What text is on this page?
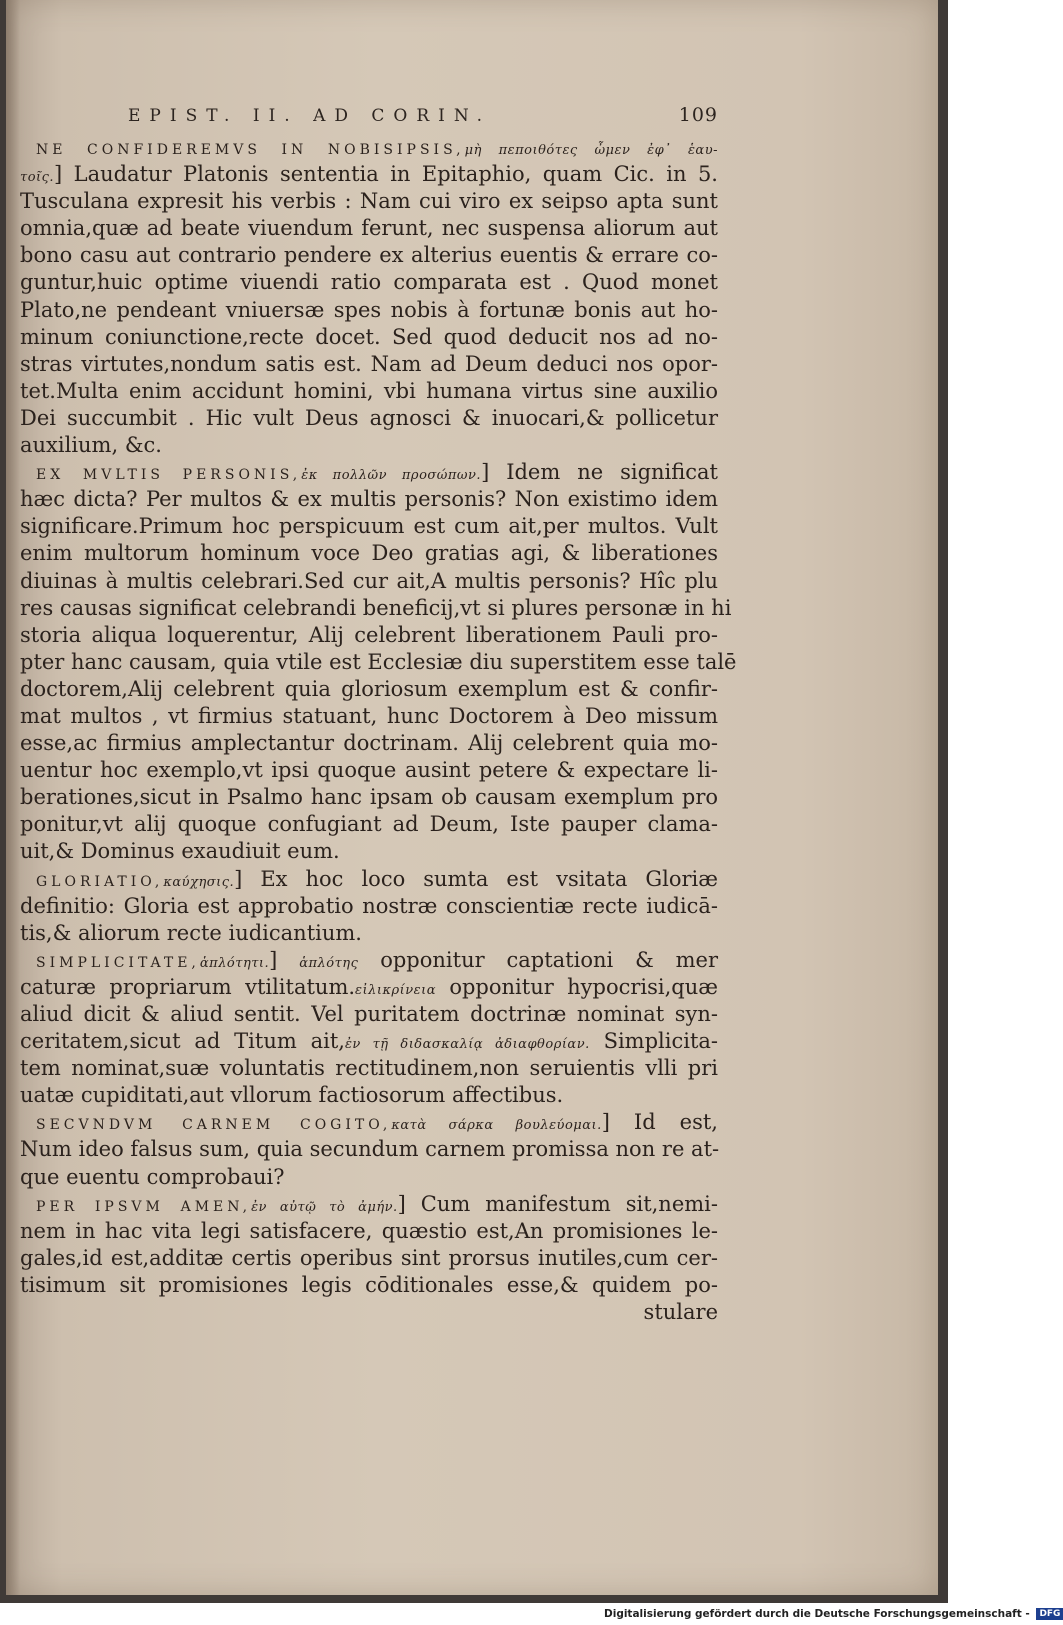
EPIST. II. AD CORIN.	109
NE CONFIDEREMVS IN NOBISIPSIS,μὴ πεποιθότες ὦμεν ἐφ᾽ ἑαυ-
τοῖς.] Laudatur Platonis sententia in Epitaphio, quam Cic. in 5.
Tusculana expresit his verbis : Nam cui viro ex seipso apta sunt
omnia,quæ ad beate viuendum ferunt, nec suspensa aliorum aut
bono casu aut contrario pendere ex alterius euentis & errare co-
guntur,huic optime viuendi ratio comparata est . Quod monet
Plato,ne pendeant vniuersæ spes nobis à fortunæ bonis aut ho-
minum coniunctione,recte docet. Sed quod deducit nos ad no-
stras virtutes,nondum satis est. Nam ad Deum deduci nos opor-
tet.Multa enim accidunt homini, vbi humana virtus sine auxilio
Dei succumbit . Hic vult Deus agnosci & inuocari,& pollicetur
auxilium, &c.
EX MVLTIS PERSONIS,ἐκ πολλῶν προσώπων.] Idem ne significat
hæc dicta? Per multos & ex multis personis? Non existimo idem
significare.Primum hoc perspicuum est cum ait,per multos. Vult
enim multorum hominum voce Deo gratias agi, & liberationes
diuinas à multis celebrari.Sed cur ait,A multis personis? Hîc plu
res causas significat celebrandi beneficij,vt si plures personæ in hi
storia aliqua loquerentur, Alij celebrent liberationem Pauli pro-
pter hanc causam, quia vtile est Ecclesiæ diu superstitem esse talē
doctorem,Alij celebrent quia gloriosum exemplum est & confir-
mat multos , vt firmius statuant, hunc Doctorem à Deo missum
esse,ac firmius amplectantur doctrinam. Alij celebrent quia mo-
uentur hoc exemplo,vt ipsi quoque ausint petere & expectare li-
berationes,sicut in Psalmo hanc ipsam ob causam exemplum pro
ponitur,vt alij quoque confugiant ad Deum, Iste pauper clama-
uit,& Dominus exaudiuit eum.
GLORIATIO,καύχησις.] Ex hoc loco sumta est vsitata Gloriæ
definitio: Gloria est approbatio nostræ conscientiæ recte iudicā-
tis,& aliorum recte iudicantium.
SIMPLICITATE,ἁπλότητι.] ἁπλότης opponitur captationi & mer
caturæ propriarum vtilitatum.εἰλικρίνεια opponitur hypocrisi,quæ
aliud dicit & aliud sentit. Vel puritatem doctrinæ nominat syn-
ceritatem,sicut ad Titum ait,ἐν τῇ διδασκαλίᾳ ἀδιαφθορίαν. Simplicita-
tem nominat,suæ voluntatis rectitudinem,non seruientis vlli pri
uatæ cupiditati,aut vllorum factiosorum affectibus.
SECVNDVM CARNEM COGITO,κατὰ σάρκα βουλεύομαι.] Id est,
Num ideo falsus sum, quia secundum carnem promissa non re at-
que euentu comprobaui?
PER IPSVM AMEN,ἐν αὐτῷ τὸ ἀμήν.] Cum manifestum sit,nemi-
nem in hac vita legi satisfacere, quæstio est,An promisiones le-
gales,id est,additæ certis operibus sint prorsus inutiles,cum cer-
tisimum sit promisiones legis cōditionales esse,& quidem po-
stulare
Digitalisierung gefördert durch die Deutsche Forschungsgemeinschaft - DFG
